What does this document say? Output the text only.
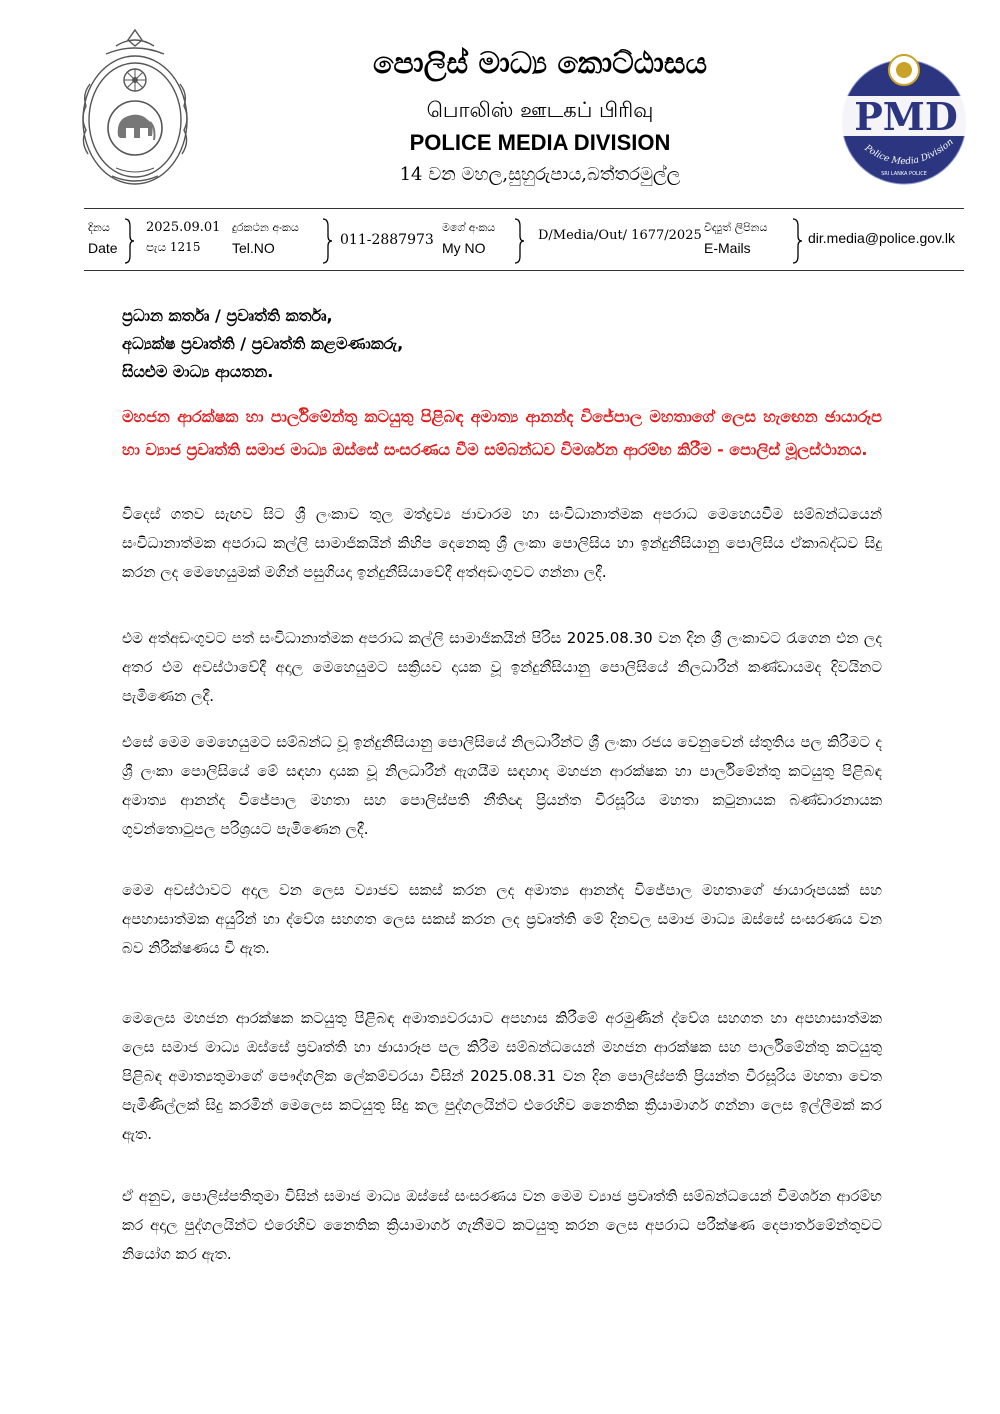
පොලිස් මාධ්‍ය කොට්ඨාසය
பொலிஸ் ஊடகப் பிரிவு
POLICE MEDIA DIVISION
14 වන මහල,සුහුරුපාය,බත්තරමුල්ල
PMD
Police Media Division
SRI LANKA POLICE
දිනය
Date
2025.09.01
පැය 1215
දුරකථන අංකය
Tel.NO	011-2887973
මගේ අංකය
My NO
D/Media/Out/ 1677/2025
විද්‍යුත් ලිපිනය
E-Mails
dir.media@police.gov.lk
ප්‍රධාන කර්තෘ / ප්‍රවෘත්ති කර්තෘ,
අධ්‍යක්ෂ ප්‍රවෘත්ති / ප්‍රවෘත්ති කළමණාකරු,
සියළුම මාධ්‍ය ආයතන.
මහජන ආරක්ෂක හා පාර්ලිමේන්තු කටයුතු පිළිබඳ අමාත්‍ය ආනන්ද විජේපාල මහතාගේ ලෙස හැඟෙන ඡායාරූප හා ව්‍යාජ ප්‍රවෘත්ති සමාජ මාධ්‍ය ඔස්සේ සංසරණය වීම සම්බන්ධව විමර්ශන ආරම්භ කිරීම - පොලිස් මූලස්ථානය.
විදෙස් ගතව සැඟව සිට ශ්‍රී ලංකාව තුල මත්ද්‍රව්‍ය ජාවාරම හා සංවිධානාත්මක අපරාධ මෙහෙයවීම සම්බන්ධයෙන් සංවිධානාත්මක අපරාධ කල්ලි සාමාජිකයින් කිහිප දෙනෙකු ශ්‍රී ලංකා පොලිසිය හා ඉන්දුනීසියානු පොලිසිය ඒකාබද්ධව සිදු කරන ලද මෙහෙයුමක් මගින් පසුගියදා ඉන්දුනීසියාවේදී අත්අඩංගුවට ගන්නා ලදී.
එම අත්අඩංගුවට පත් සංවිධානාත්මක අපරාධ කල්ලි සාමාජිකයින් පිරිස 2025.08.30 වන දින ශ්‍රී ලංකාවට රැගෙන එන ලද අතර එම අවස්ථාවේදී අදාල මෙහෙයුමට සක්‍රියව දායක වූ ඉන්දුනීසියානු පොලිසියේ නිලධාරීන් කණ්ඩායමද දිවයිනට පැමිණෙන ලදී.
එසේ මෙම මෙහෙයුමට සම්බන්ධ වූ ඉන්දුනීසියානු පොලිසියේ නිලධාරීන්ට ශ්‍රී ලංකා රජය වෙනුවෙන් ස්තුතිය පල කිරීමට ද ශ්‍රී ලංකා පොලිසියේ මේ සඳහා දායක වූ නිලධාරීන් ඇගයීම සඳහාද මහජන ආරක්ෂක හා පාර්ලිමේන්තු කටයුතු පිළිබඳ අමාත්‍ය ආනන්ද විජේපාල මහතා සහ පොලිස්පති නීතිඥ ප්‍රියන්ත වීරසූරිය මහතා කටුනායක බණ්ඩාරනායක ගුවන්තොටුපල පරිශ්‍රයට පැමිණෙන ලදී.
මෙම අවස්ථාවට අදාල වන ලෙස ව්‍යාජව සකස් කරන ලද අමාත්‍ය ආනන්ද විජේපාල මහතාගේ ඡායාරූපයක් සහ අපහාසාත්මක අයුරින් හා ද්වේශ සහගත ලෙස සකස් කරන ලද ප්‍රවෘත්ති මේ දිනවල සමාජ මාධ්‍ය ඔස්සේ සංසරණය වන බව නිරීක්ෂණය වී ඇත.
මෙලෙස මහජන ආරක්ෂක කටයුතු පිළිබඳ අමාත්‍යවරයාට අපහාස කිරීමේ අරමුණින් ද්වේශ සහගත හා අපහාසාත්මක ලෙස සමාජ මාධ්‍ය ඔස්සේ ප්‍රවෘත්ති හා ඡායාරූප පල කිරීම සම්බන්ධයෙන් මහජන ආරක්ෂක සහ පාර්ලිමේන්තු කටයුතු පිළිබඳ අමාත්‍යතුමාගේ පෞද්ගලික ලේකම්වරයා විසින් 2025.08.31 වන දින පොලිස්පති ප්‍රියන්ත වීරසූරිය මහතා වෙත පැමිණිල්ලක් සිදු කරමින් මෙලෙස කටයුතු සිදු කල පුද්ගලයින්ට එරෙහිව නෛතික ක්‍රියාමාර්ග ගන්නා ලෙස ඉල්ලීමක් කර ඇත.
ඒ අනුව, පොලිස්පතිතුමා විසින් සමාජ මාධ්‍ය ඔස්සේ සංසරණය වන මෙම ව්‍යාජ ප්‍රවෘත්ති සම්බන්ධයෙන් විමර්ශන ආරම්භ කර අදාල පුද්ගලයින්ට එරෙහිව නෛතික ක්‍රියාමාර්ග ගැනීමට කටයුතු කරන ලෙස අපරාධ පරීක්ෂණ දෙපාර්තමේන්තුවට නියෝග කර ඇත.
